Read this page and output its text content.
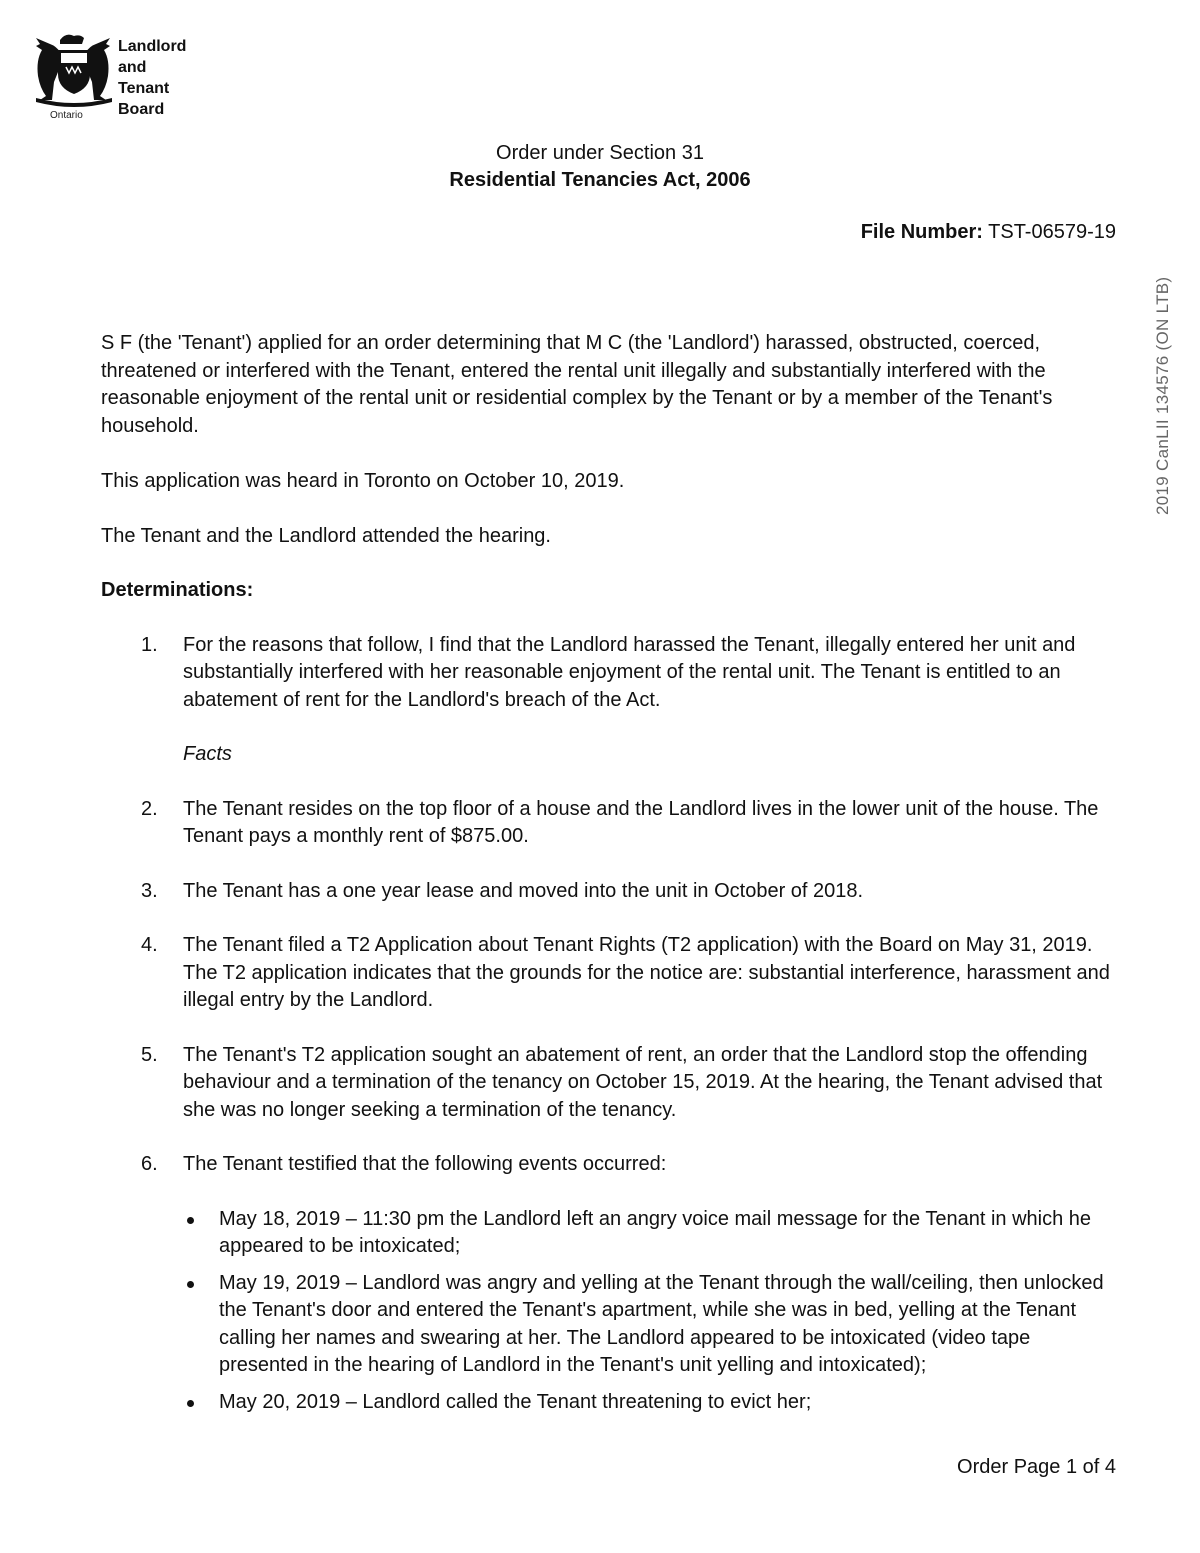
Landlord
and
Tenant
Board
Ontario
2019 CanLII 134576 (ON LTB)
Order under Section 31
Residential Tenancies Act, 2006
File Number: TST-06579-19

S F (the 'Tenant') applied for an order determining that M C (the 'Landlord') harassed, obstructed, coerced, threatened or interfered with the Tenant, entered the rental unit illegally and substantially interfered with the reasonable enjoyment of the rental unit or residential complex by the Tenant or by a member of the Tenant's household.

This application was heard in Toronto on October 10, 2019.

The Tenant and the Landlord attended the hearing.

Determinations:

1. For the reasons that follow, I find that the Landlord harassed the Tenant, illegally entered her unit and substantially interfered with her reasonable enjoyment of the rental unit. The Tenant is entitled to an abatement of rent for the Landlord's breach of the Act.

Facts

2. The Tenant resides on the top floor of a house and the Landlord lives in the lower unit of the house. The Tenant pays a monthly rent of $875.00.
3. The Tenant has a one year lease and moved into the unit in October of 2018.
4. The Tenant filed a T2 Application about Tenant Rights (T2 application) with the Board on May 31, 2019. The T2 application indicates that the grounds for the notice are: substantial interference, harassment and illegal entry by the Landlord.
5. The Tenant's T2 application sought an abatement of rent, an order that the Landlord stop the offending behaviour and a termination of the tenancy on October 15, 2019. At the hearing, the Tenant advised that she was no longer seeking a termination of the tenancy.
6. The Tenant testified that the following events occurred:
May 18, 2019 – 11:30 pm the Landlord left an angry voice mail message for the Tenant in which he appeared to be intoxicated;
May 19, 2019 – Landlord was angry and yelling at the Tenant through the wall/ceiling, then unlocked the Tenant's door and entered the Tenant's apartment, while she was in bed, yelling at the Tenant calling her names and swearing at her. The Landlord appeared to be intoxicated (video tape presented in the hearing of Landlord in the Tenant's unit yelling and intoxicated);
May 20, 2019 – Landlord called the Tenant threatening to evict her;
Order Page 1 of 4
